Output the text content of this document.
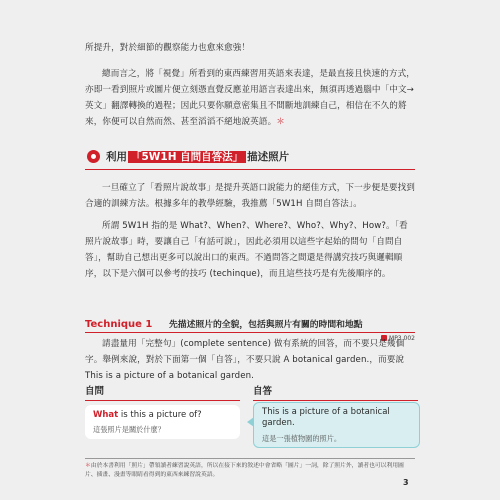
所提升，對於細節的觀察能力也愈來愈強！

總而言之，將「視覺」所看到的東西練習用英語來表達，是最直接且快速的方式，亦即一看到照片或圖片便立刻憑直覺反應並用語言表達出來，無須再透過腦中「中文→英文」翻譯轉換的過程；因此只要你願意密集且不間斷地訓練自己，相信在不久的將來，你便可以自然而然、甚至滔滔不絕地說英語。＊

利用 「5W1H 自問自答法」 描述照片

一旦確立了「看照片說故事」是提升英語口說能力的絕佳方式，下一步便是要找到合適的訓練方法。根據多年的教學經驗，我推薦「5W1H 自問自答法」。

所謂 5W1H 指的是 What?、When?、Where?、Who?、Why?、How?。「看照片說故事」時，要讓自己「有話可說」，因此必須用以這些字起始的問句「自問自答」，幫助自己想出更多可以說出口的東西。不過問答之間還是得講究技巧與邏輯順序，以下是六個可以參考的技巧 (techinque)，而且這些技巧是有先後順序的。

Technique 1 先描述照片的全貌，包括與照片有關的時間和地點
MP3 002

請盡量用「完整句」(complete sentence) 做有系統的回答，而不要只是幾個字。舉例來說，對於下面第一個「自答」，不要只說 A botanical garden.，而要說 This is a picture of a botanical garden.

自問	自答
What is this a picture of?
這張照片是關於什麼？
This is a picture of a botanical garden.
這是一張植物園的照片。

＊由於本書利用「照片」帶領讀者練習說英語，所以在接下來的敘述中會省略「圖片」一詞，除了照片外，讀者也可以利用圖片、插畫、漫畫等眼睛看得到的東西來練習說英語。

3
